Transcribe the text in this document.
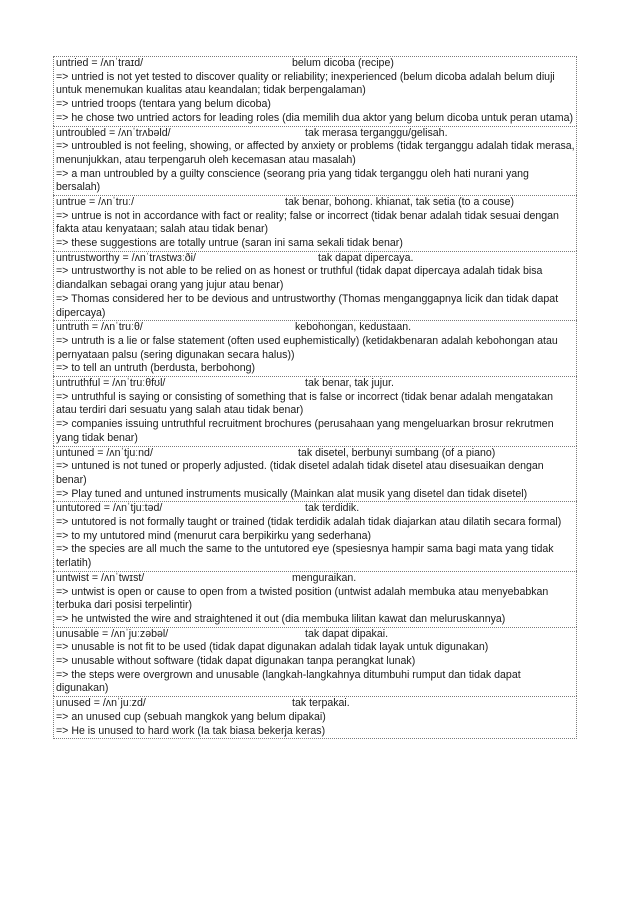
untried = /ʌnˈtraɪd/	belum dicoba (recipe)
=> untried is not yet tested to discover quality or reliability; inexperienced (belum dicoba adalah belum diuji untuk menemukan kualitas atau keandalan; tidak berpengalaman)
=> untried troops (tentara yang belum dicoba)
=> he chose two untried actors for leading roles (dia memilih dua aktor yang belum dicoba untuk peran utama)
untroubled = /ʌnˈtrʌbəld/	tak merasa terganggu/gelisah.
=> untroubled is not feeling, showing, or affected by anxiety or problems (tidak terganggu adalah tidak merasa, menunjukkan, atau terpengaruh oleh kecemasan atau masalah)
=> a man untroubled by a guilty conscience (seorang pria yang tidak terganggu oleh hati nurani yang bersalah)
untrue = /ʌnˈtruː/	tak benar, bohong. khianat, tak setia (to a couse)
=> untrue is not in accordance with fact or reality; false or incorrect (tidak benar adalah tidak sesuai dengan fakta atau kenyataan; salah atau tidak benar)
=> these suggestions are totally untrue (saran ini sama sekali tidak benar)
untrustworthy = /ʌnˈtrʌstwɜːði/	tak dapat dipercaya.
=> untrustworthy is not able to be relied on as honest or truthful (tidak dapat dipercaya adalah tidak bisa diandalkan sebagai orang yang jujur atau benar)
=> Thomas considered her to be devious and untrustworthy (Thomas menganggapnya licik dan tidak dapat dipercaya)
untruth = /ʌnˈtruːθ/	kebohongan, kedustaan.
=> untruth is a lie or false statement (often used euphemistically) (ketidakbenaran adalah kebohongan atau pernyataan palsu (sering digunakan secara halus))
=> to tell an untruth (berdusta, berbohong)
untruthful = /ʌnˈtruːθfʊl/	tak benar, tak jujur.
=> untruthful is saying or consisting of something that is false or incorrect (tidak benar adalah mengatakan atau terdiri dari sesuatu yang salah atau tidak benar)
=> companies issuing untruthful recruitment brochures (perusahaan yang mengeluarkan brosur rekrutmen yang tidak benar)
untuned = /ʌnˈtjuːnd/	tak disetel, berbunyi sumbang (of a piano)
=> untuned is not tuned or properly adjusted. (tidak disetel adalah tidak disetel atau disesuaikan dengan benar)
=> Play tuned and untuned instruments musically (Mainkan alat musik yang disetel dan tidak disetel)
untutored = /ʌnˈtjuːtəd/	tak terdidik.
=> untutored is not formally taught or trained (tidak terdidik adalah tidak diajarkan atau dilatih secara formal)
=> to my untutored mind (menurut cara berpikirku yang sederhana)
=> the species are all much the same to the untutored eye (spesiesnya hampir sama bagi mata yang tidak terlatih)
untwist = /ʌnˈtwɪst/	menguraikan.
=> untwist is open or cause to open from a twisted position (untwist adalah membuka atau menyebabkan terbuka dari posisi terpelintir)
=> he untwisted the wire and straightened it out (dia membuka lilitan kawat dan meluruskannya)
unusable = /ʌnˈjuːzəbəl/	tak dapat dipakai.
=> unusable is not fit to be used (tidak dapat digunakan adalah tidak layak untuk digunakan)
=> unusable without software (tidak dapat digunakan tanpa perangkat lunak)
=> the steps were overgrown and unusable (langkah-langkahnya ditumbuhi rumput dan tidak dapat digunakan)
unused = /ʌnˈjuːzd/	tak terpakai.
=> an unused cup (sebuah mangkok yang belum dipakai)
=> He is unused to hard work (Ia tak biasa bekerja keras)
